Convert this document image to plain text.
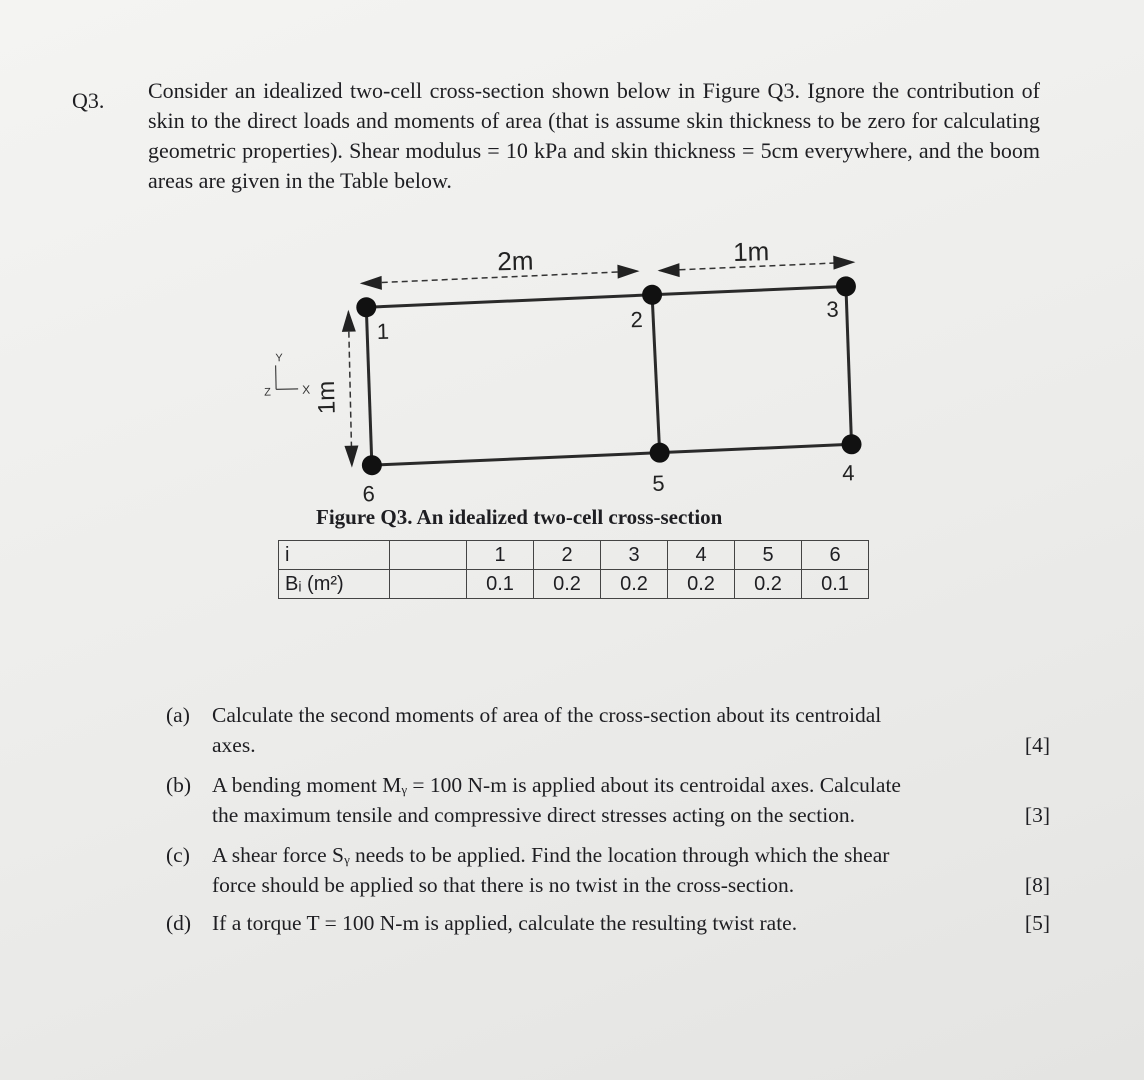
Q3. Consider an idealized two-cell cross-section shown below in Figure Q3. Ignore the contribution of skin to the direct loads and moments of area (that is assume skin thickness to be zero for calculating geometric properties). Shear modulus = 10 kPa and skin thickness = 5cm everywhere, and the boom areas are given in the Table below.
2m	1m
1m
1	2	3
4
5
6
Y
X
Z
Figure Q3. An idealized two-cell cross-section
i		1	2	3	4	5	6
Bᵢ (m²)		0.1	0.2	0.2	0.2	0.2	0.1
(a) Calculate the second moments of area of the cross-section about its centroidal
axes.	[4]
(b) A bending moment Mᵧ = 100 N-m is applied about its centroidal axes. Calculate
the maximum tensile and compressive direct stresses acting on the section.	[3]
(c) A shear force Sᵧ needs to be applied. Find the location through which the shear
force should be applied so that there is no twist in the cross-section.	[8]
(d) If a torque T = 100 N-m is applied, calculate the resulting twist rate.	[5]
